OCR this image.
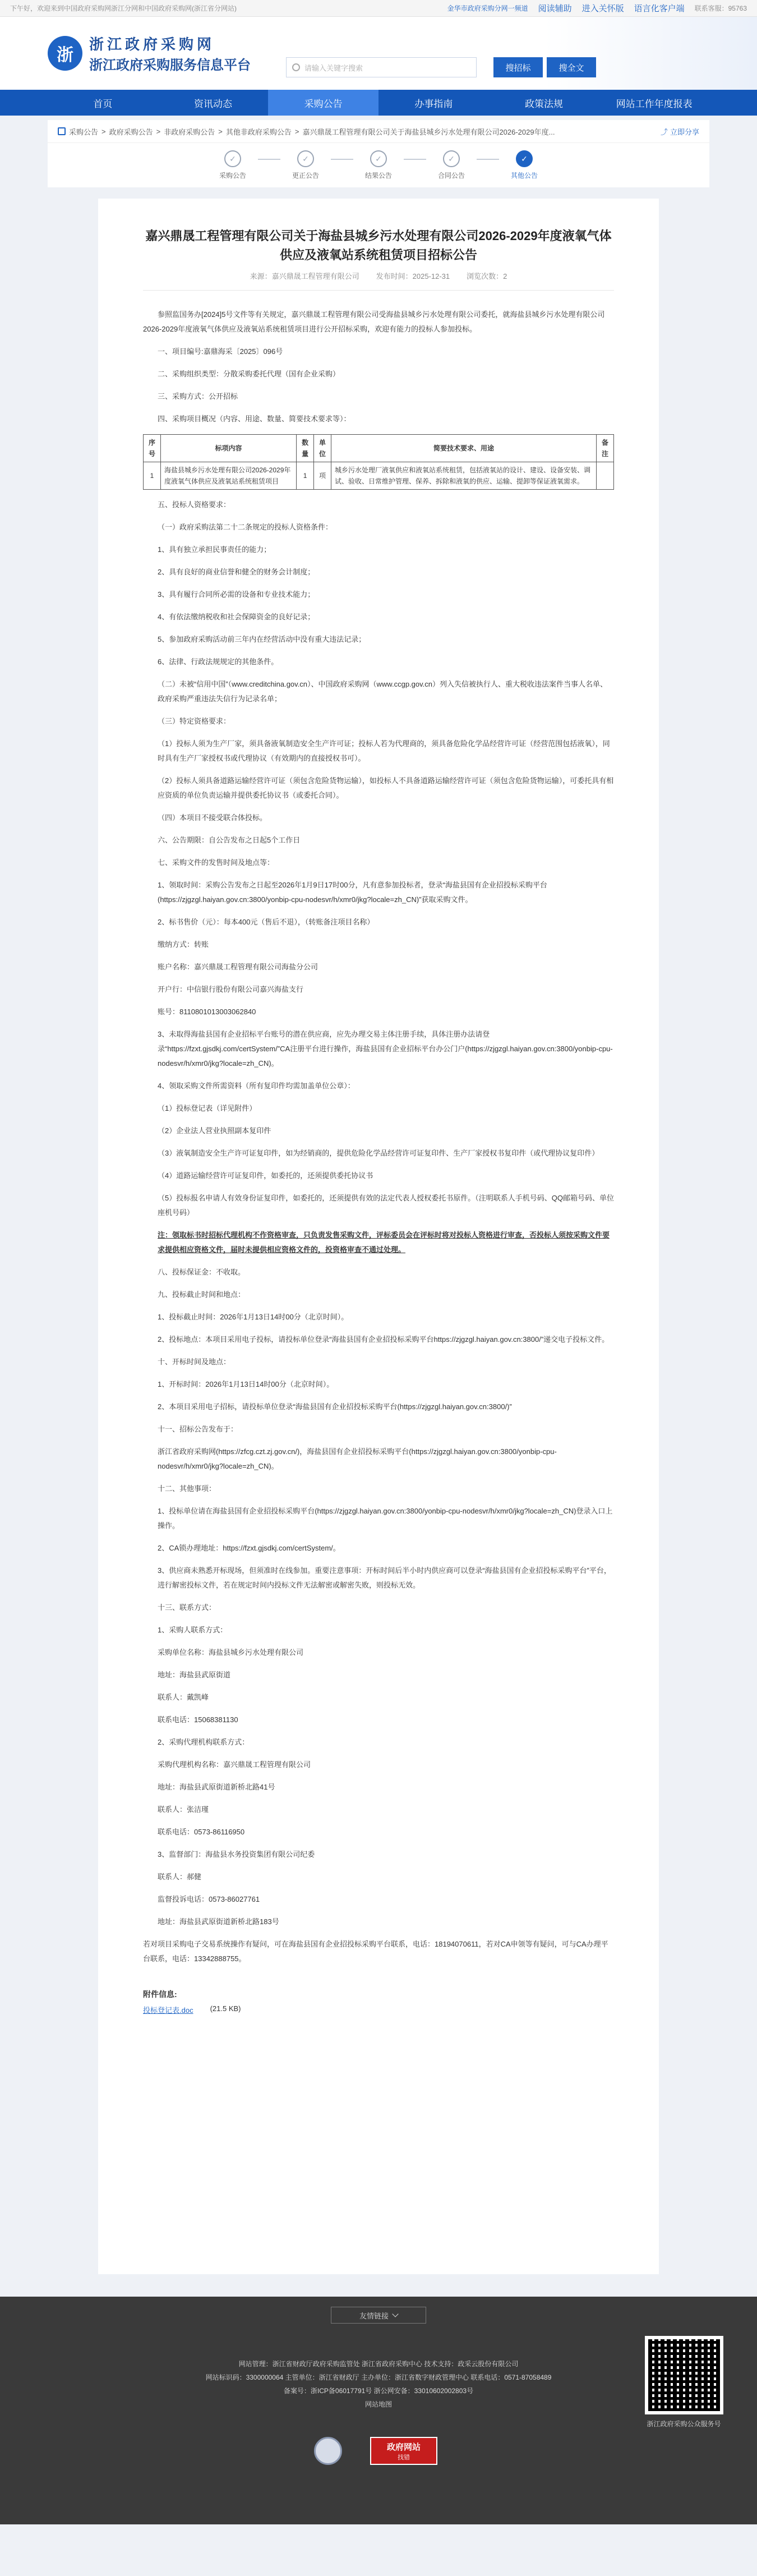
下午好，欢迎来到中国政府采购网浙江分网和中国政府采购网(浙江省分网站)	金华市政府采购分网一频道 阅读辅助 进入关怀版 语言化客户端 联系客服：95763
浙
浙江政府采购网
浙江政府采购服务信息平台	请输入关键字搜索	搜招标	搜全文
首页	资讯动态	采购公告	办事指南	政策法规	网站工作年度报表
采购公告 > 政府采购公告 > 非政府采购公告 > 其他非政府采购公告 > 嘉兴鼎晟工程管理有限公司关于海盐县城乡污水处理有限公司2026-2029年度...	⤴ 立即分享
✓
采购公告
✓
更正公告
✓
结果公告
✓
合同公告
✓
其他公告
嘉兴鼎晟工程管理有限公司关于海盐县城乡污水处理有限公司2026-2029年度液氧气体供应及液氧站系统租赁项目招标公告
来源：嘉兴鼎晟工程管理有限公司 发布时间：2025-12-31 浏览次数：2

参照监国务办[2024]5号文件等有关规定，嘉兴鼎晟工程管理有限公司受海盐县城乡污水处理有限公司委托，就海盐县城乡污水处理有限公司2026-2029年度液氧气体供应及液氧站系统租赁项目进行公开招标采购，欢迎有能力的投标人参加投标。

一、项目编号:嘉鼎海采〔2025〕096号

二、采购组织类型：分散采购委托代理（国有企业采购）

三、采购方式：公开招标

四、采购项目概况（内容、用途、数量、简要技术要求等）：

序号	标项内容	数量	单位	简要技术要求、用途	备注
1	海盐县城乡污水处理有限公司2026-2029年度液氧气体供应及液氧站系统租赁项目	1	项	城乡污水处理厂液氧供应和液氧站系统租赁，包括液氧站的设计、建设、设备安装、调试、验收、日常维护管理、保养、拆除和液氧的供应、运输、提卸等保证液氧需求。	

五、投标人资格要求：

（一）政府采购法第二十二条规定的投标人资格条件：

1、具有独立承担民事责任的能力；

2、具有良好的商业信誉和健全的财务会计制度；

3、具有履行合同所必需的设备和专业技术能力；

4、有依法缴纳税收和社会保障资金的良好记录；

5、参加政府采购活动前三年内在经营活动中没有重大违法记录；

6、法律、行政法规规定的其他条件。

（二）未被“信用中国”（www.creditchina.gov.cn）、中国政府采购网（www.ccgp.gov.cn）列入失信被执行人、重大税收违法案件当事人名单、政府采购严重违法失信行为记录名单；

（三）特定资格要求：

（1）投标人须为生产厂家，须具备液氧制造安全生产许可证；投标人若为代理商的，须具备危险化学品经营许可证（经营范围包括液氧），同时具有生产厂家授权书或代理协议（有效期内的直接授权书可）。

（2）投标人须具备道路运输经营许可证（须包含危险货物运输），如投标人不具备道路运输经营许可证（须包含危险货物运输），可委托具有相应资质的单位负责运输并提供委托协议书（或委托合同）。

（四）本项目不接受联合体投标。

六、公告期限：自公告发布之日起5个工作日

七、采购文件的发售时间及地点等：

1、领取时间：采购公告发布之日起至2026年1月9日17时00分，凡有意参加投标者，登录“海盐县国有企业招投标采购平台(https://zjgzgl.haiyan.gov.cn:3800/yonbip-cpu-nodesvr/h/xmr0/jkg?locale=zh_CN)”获取采购文件。

2、标书售价（元）：每本400元（售后不退），（转账备注项目名称）

缴纳方式：转账

账户名称：嘉兴鼎晟工程管理有限公司海盐分公司

开户行：中信银行股份有限公司嘉兴海盐支行

账号：8110801013003062840

3、未取得海盐县国有企业招标平台账号的潜在供应商，应先办理交易主体注册手续，具体注册办法请登录“https://fzxt.gjsdkj.com/certSystem/”CA注册平台进行操作，海盐县国有企业招标平台办公门户(https://zjgzgl.haiyan.gov.cn:3800/yonbip-cpu-nodesvr/h/xmr0/jkg?locale=zh_CN)。

4、领取采购文件所需资料（所有复印件均需加盖单位公章）：

（1）投标登记表（详见附件）

（2）企业法人营业执照副本复印件

（3）液氧制造安全生产许可证复印件，如为经销商的，提供危险化学品经营许可证复印件、生产厂家授权书复印件（或代理协议复印件）

（4）道路运输经营许可证复印件，如委托的，还须提供委托协议书

（5）投标报名申请人有效身份证复印件，如委托的，还须提供有效的法定代表人授权委托书原件。（注明联系人手机号码、QQ邮箱号码、单位座机号码）

注：领取标书时招标代理机构不作资格审查，只负责发售采购文件，评标委员会在评标时将对投标人资格进行审查，否投标人须按采购文件要求提供相应资格文件，届时未提供相应资格文件的，投资格审查不通过处理。

八、投标保证金：不收取。

九、投标截止时间和地点：

1、投标截止时间：2026年1月13日14时00分（北京时间）。

2、投标地点：本项目采用电子投标，请投标单位登录“海盐县国有企业招投标采购平台https://zjgzgl.haiyan.gov.cn:3800/”递交电子投标文件。

十、开标时间及地点：

1、开标时间：2026年1月13日14时00分（北京时间）。

2、本项目采用电子招标，请投标单位登录“海盐县国有企业招投标采购平台(https://zjgzgl.haiyan.gov.cn:3800/)”

十一、招标公告发布于：

浙江省政府采购网(https://zfcg.czt.zj.gov.cn/)，海盐县国有企业招投标采购平台(https://zjgzgl.haiyan.gov.cn:3800/yonbip-cpu-nodesvr/h/xmr0/jkg?locale=zh_CN)。

十二、其他事项：

1、投标单位请在海盐县国有企业招投标采购平台(https://zjgzgl.haiyan.gov.cn:3800/yonbip-cpu-nodesvr/h/xmr0/jkg?locale=zh_CN)登录入口上操作。

2、CA锁办理地址：https://fzxt.gjsdkj.com/certSystem/。

3、供应商未熟悉开标现场，但须准时在线参加。重要注意事项：开标时间后半小时内供应商可以登录“海盐县国有企业招投标采购平台”平台，进行解密投标文件，若在规定时间内投标文件无法解密或解密失败，则投标无效。

十三、联系方式：

1、采购人联系方式：

采购单位名称：海盐县城乡污水处理有限公司

地址：海盐县武原街道

联系人：戴凯峰

联系电话：15068381130

2、采购代理机构联系方式：

采购代理机构名称：嘉兴鼎晟工程管理有限公司

地址：海盐县武原街道新桥北路41号

联系人：张洁瑾

联系电话：0573-86116950

3、监督部门：海盐县水务投资集团有限公司纪委

联系人：郝健

监督投诉电话：0573-86027761

地址：海盐县武原街道新桥北路183号

若对项目采购电子交易系统操作有疑问，可在海盐县国有企业招投标采购平台联系，电话：18194070611，若对CA申领等有疑问，可与CA办理平台联系，电话：13342888755。

附件信息:
投标登记表.doc (21.5 KB)
友情链接
网站管理：浙江省财政厅政府采购监管处 浙江省政府采购中心 技术支持：政采云股份有限公司
网站标识码：3300000064 主管单位：浙江省财政厅 主办单位：浙江省数字财政管理中心 联系电话：0571-87058489
备案号：浙ICP备06017791号 浙公网安备：33010602002803号
网站地图
政府网站
找错
浙江政府采购公众服务号
